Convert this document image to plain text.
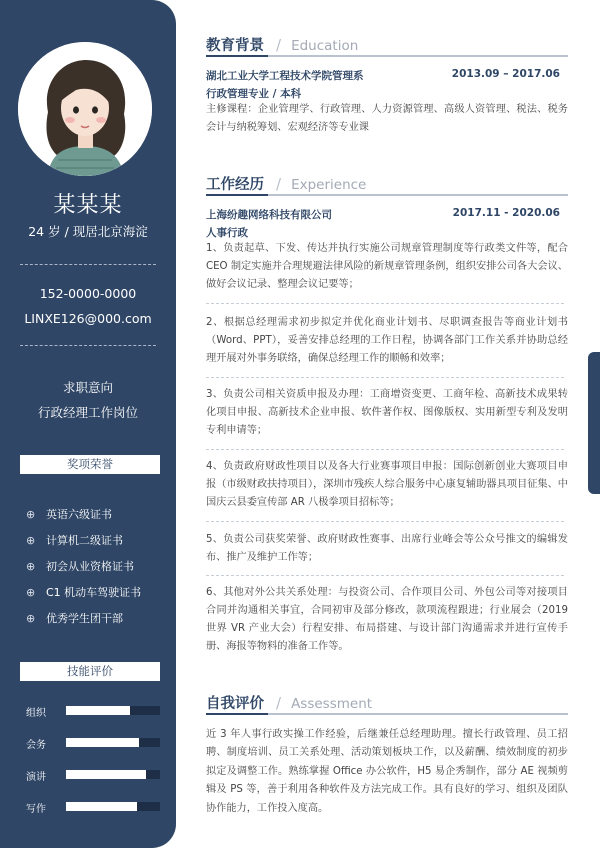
某某某
24 岁 / 现居北京海淀
152-0000-0000
LINXE126@000.com
求职意向
行政经理工作岗位
奖项荣誉
⊕ 英语六级证书
⊕ 计算机二级证书
⊕ 初会从业资格证书
⊕ C1 机动车驾驶证书
⊕ 优秀学生团干部
技能评价
组织
会务
演讲
写作
教育背景 / Education
湖北工业大学工程技术学院管理系	2013.09 – 2017.06
行政管理专业 / 本科
主修课程：企业管理学、行政管理、人力资源管理、高级人资管理、税法、税务会计与纳税筹划、宏观经济等专业课
工作经历 / Experience
上海纷趣网络科技有限公司	2017.11 - 2020.06
人事行政
1、负责起草、下发、传达并执行实施公司规章管理制度等行政类文件等，配合 CEO 制定实施并合理规避法律风险的新规章管理条例，组织安排公司各大会议、做好会议记录、整理会议记要等；
2、根据总经理需求初步拟定并优化商业计划书、尽职调查报告等商业计划书（Word、PPT），妥善安排总经理的工作日程，协调各部门工作关系并协助总经理开展对外事务联络，确保总经理工作的顺畅和效率；
3、负责公司相关资质申报及办理：工商增资变更、工商年检、高新技术成果转化项目申报、高新技术企业申报、软件著作权、图像版权、实用新型专利及发明专利申请等；
4、负责政府财政性项目以及各大行业赛事项目申报：国际创新创业大赛项目申报（市级财政扶持项目），深圳市残疾人综合服务中心康复辅助器具项目征集、中国庆云县委宣传部 AR 八极拳项目招标等；
5、负责公司获奖荣誉、政府财政性赛事、出席行业峰会等公众号推文的编辑发布、推广及维护工作等；
6、其他对外公共关系处理：与投资公司、合作项目公司、外包公司等对接项目合同并沟通相关事宜，合同初审及部分修改，款项流程跟进；行业展会（2019 世界 VR 产业大会）行程安排、布局搭建、与设计部门沟通需求并进行宣传手册、海报等物料的准备工作等。
自我评价 / Assessment
近 3 年人事行政实操工作经验，后继兼任总经理助理。擅长行政管理、员工招聘、制度培训、员工关系处理、活动策划板块工作，以及薪酬、绩效制度的初步拟定及调整工作。熟练掌握 Office 办公软件，H5 易企秀制作，部分 AE 视频剪辑及 PS 等，善于利用各种软件及方法完成工作。具有良好的学习、组织及团队协作能力，工作投入度高。
